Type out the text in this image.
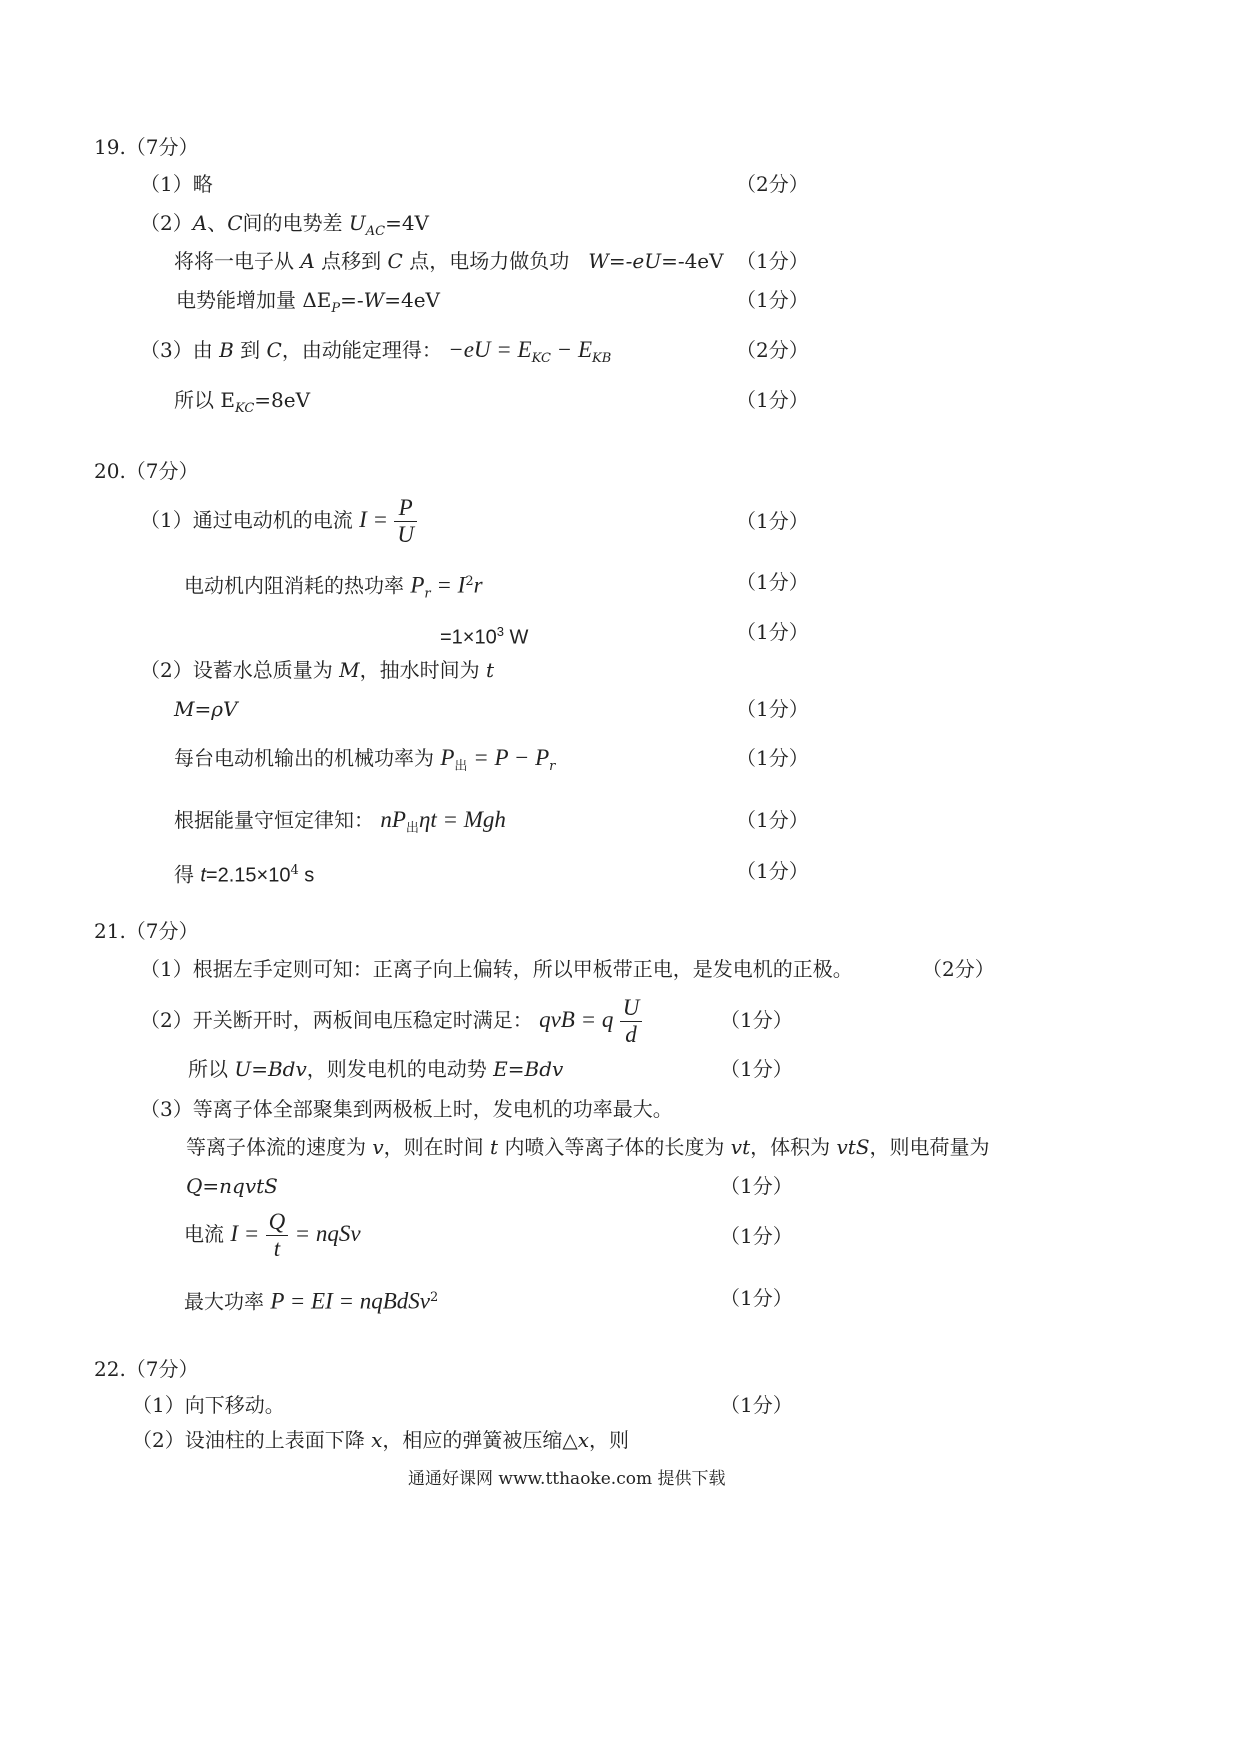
19.（7分）
（1）略	（2分）
（2）A、C间的电势差 $U_{AC}=4V$
将将一电子从 A 点移到 C 点，电场力做负功 W=-eU=-4eV （1分）
电势能增加量 $\Delta E_P=-W=4eV$	（1分）
（3）由 B 到 C，由动能定理得： $-eU = E_{KC} - E_{KB}$	（2分）
所以 $E_{KC}=8eV$	（1分）
20.（7分）
（1）通过电动机的电流 $I = \frac{P}{U}$	（1分）
电动机内阻消耗的热功率 $P_r = I^2r$	（1分）
$=1\times 10^3$ W	（1分）
（2）设蓄水总质量为 M，抽水时间为 t
M=ρV	（1分）
每台电动机输出的机械功率为 $P_出 = P - P_r$	（1分）
根据能量守恒定律知： $nP_出\eta t$ = Mgh	（1分）
得 $t=2.15\times 10^4$ s	（1分）
21.（7分）
（1）根据左手定则可知：正离子向上偏转，所以甲板带正电，是发电机的正极。	（2分）
（2）开关断开时，两板间电压稳定时满足： qvB = q $\frac{U}{d}$	（1分）
所以 U=Bdv，则发电机的电动势 E=Bdv	（1分）
（3）等离子体全部聚集到两极板上时，发电机的功率最大。
等离子体流的速度为 v，则在时间 t 内喷入等离子体的长度为 vt，体积为 vtS，则电荷量为
Q=nqvtS	（1分）
电流 $I = \frac{Q}{t}$ = nqSv	（1分）
最大功率 P = EI = nqBdSv$^2$	（1分）
22.（7分）
（1）向下移动。	（1分）
（2）设油柱的上表面下降 x，相应的弹簧被压缩△x，则
通通好课网 www.tthaoke.com 提供下载
